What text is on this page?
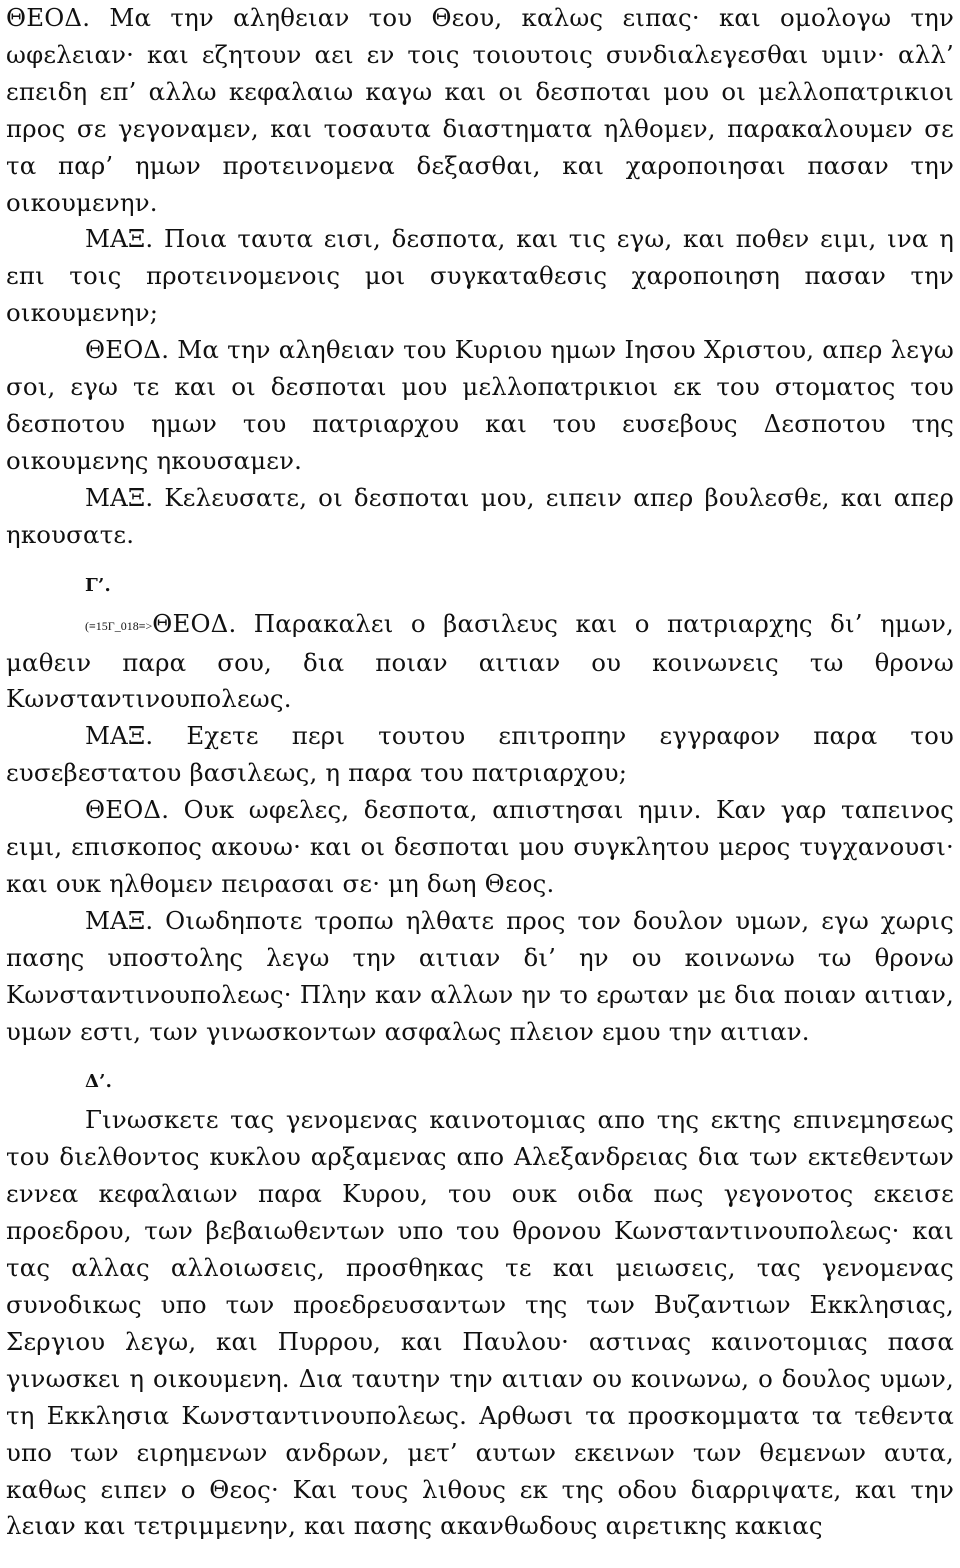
ΘΕΟΔ. Μα την αληθειαν του Θεου, καλως ειπας· και ομολογω την ωφελειαν· και εζητουν αει εν τοις τοιουτοις συνδιαλεγεσθαι υμιν· αλλ’ επειδη επ’ αλλω κεφαλαιω καγω και οι δεσποται μου οι μελλοπατρικιοι προς σε γεγοναμεν, και τοσαυτα διαστηματα ηλθομεν, παρακαλουμεν σε τα παρ’ ημων προτεινομενα δεξασθαι, και χαροποιησαι πασαν την οικουμενην.

ΜΑΞ. Ποια ταυτα εισι, δεσποτα, και τις εγω, και ποθεν ειμι, ινα η επι τοις προτεινομενοις μοι συγκαταθεσις χαροποιηση πασαν την οικουμενην;

ΘΕΟΔ. Μα την αληθειαν του Κυριου ημων Ιησου Χριστου, απερ λεγω σοι, εγω τε και οι δεσποται μου μελλοπατρικιοι εκ του στοματος του δεσποτου ημων του πατριαρχου και του ευσεβους Δεσποτου της οικουμενης ηκουσαμεν.

ΜΑΞ. Κελευσατε, οι δεσποται μου, ειπειν απερ βουλεσθε, και απερ ηκουσατε.

Γ’.

(≡15Γ_018≡>ΘΕΟΔ. Παρακαλει ο βασιλευς και ο πατριαρχης δι’ ημων, μαθειν παρα σου, δια ποιαν αιτιαν ου κοινωνεις τω θρονω Κωνσταντινουπολεως.

ΜΑΞ. Εχετε περι τουτου επιτροπην εγγραφον παρα του ευσεβεστατου βασιλεως, η παρα του πατριαρχου;

ΘΕΟΔ. Ουκ ωφελες, δεσποτα, απιστησαι ημιν. Καν γαρ ταπεινος ειμι, επισκοπος ακουω· και οι δεσποται μου συγκλητου μερος τυγχανουσι· και ουκ ηλθομεν πειρασαι σε· μη δωη Θεος.

ΜΑΞ. Οιωδηποτε τροπω ηλθατε προς τον δουλον υμων, εγω χωρις πασης υποστολης λεγω την αιτιαν δι’ ην ου κοινωνω τω θρονω Κωνσταντινουπολεως· Πλην καν αλλων ην το ερωταν με δια ποιαν αιτιαν, υμων εστι, των γινωσκοντων ασφαλως πλειον εμου την αιτιαν.

Δ’.

Γινωσκετε τας γενομενας καινοτομιας απο της εκτης επινεμησεως του διελθοντος κυκλου αρξαμενας απο Αλεξανδρειας δια των εκτεθεντων εννεα κεφαλαιων παρα Κυρου, του ουκ οιδα πως γεγονοτος εκεισε προεδρου, των βεβαιωθεντων υπο του θρονου Κωνσταντινουπολεως· και τας αλλας αλλοιωσεις, προσθηκας τε και μειωσεις, τας γενομενας συνοδικως υπο των προεδρευσαντων της των Βυζαντιων Εκκλησιας, Σεργιου λεγω, και Πυρρου, και Παυλου· αστινας καινοτομιας πασα γινωσκει η οικουμενη. Δια ταυτην την αιτιαν ου κοινωνω, ο δουλος υμων, τη Εκκλησια Κωνσταντινουπολεως. Αρθωσι τα προσκομματα τα τεθεντα υπο των ειρημενων ανδρων, μετ’ αυτων εκεινων των θεμενων αυτα, καθως ειπεν ο Θεος· Και τους λιθους εκ της οδου διαρριψατε, και την λειαν και τετριμμενην, και πασης ακανθωδους αιρετικης κακιας
